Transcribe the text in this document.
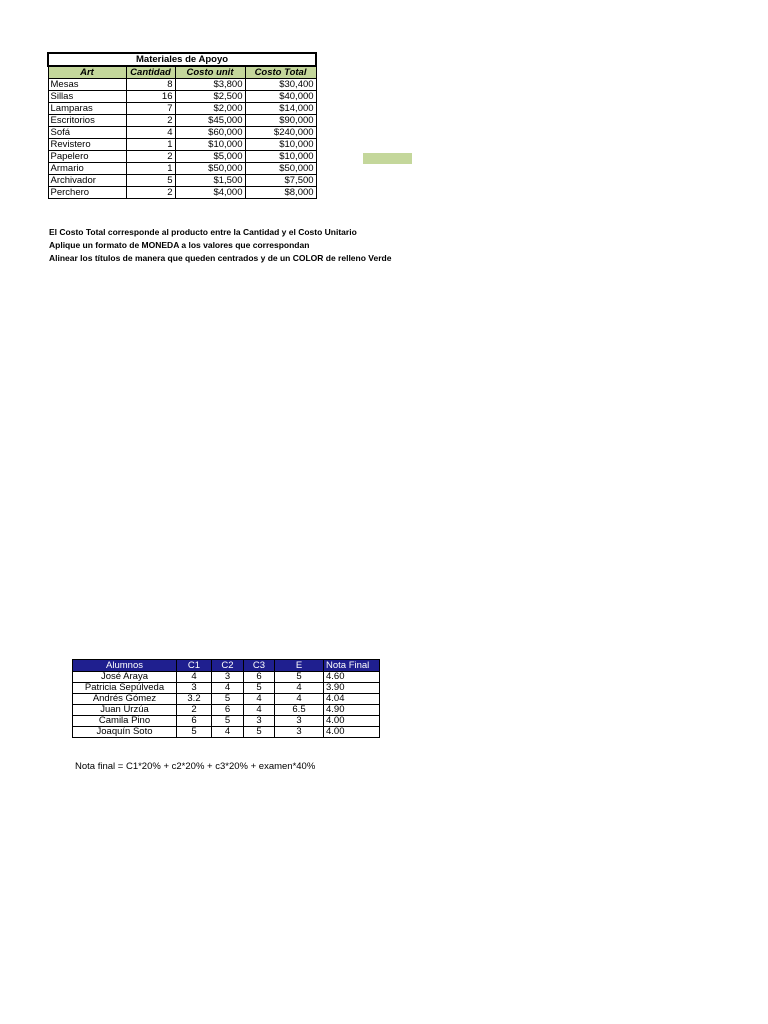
Materiales de Apoyo			
Art	Cantidad	Costo unit	Costo Total
Mesas	8	$3,800	$30,400
Sillas	16	$2,500	$40,000
Lamparas	7	$2,000	$14,000
Escritorios	2	$45,000	$90,000
Sofá	4	$60,000	$240,000
Revistero	1	$10,000	$10,000
Papelero	2	$5,000	$10,000
Armario	1	$50,000	$50,000
Archivador	5	$1,500	$7,500
Perchero	2	$4,000	$8,000
El Costo Total corresponde al producto entre la Cantidad y el Costo Unitario
Aplique un formato de MONEDA a los valores que correspondan
Alinear los títulos de manera que queden centrados y de un COLOR de relleno Verde
Alumnos	C1	C2	C3	E	Nota Final
José Araya	4	3	6	5	4.60
Patricia Sepúlveda	3	4	5	4	3.90
Andrés Gómez	3.2	5	4	4	4.04
Juan Urzúa	2	6	4	6.5	4.90
Camila Pino	6	5	3	3	4.00
Joaquín Soto	5	4	5	3	4.00
Nota final = C1*20% + c2*20% + c3*20% + examen*40%
